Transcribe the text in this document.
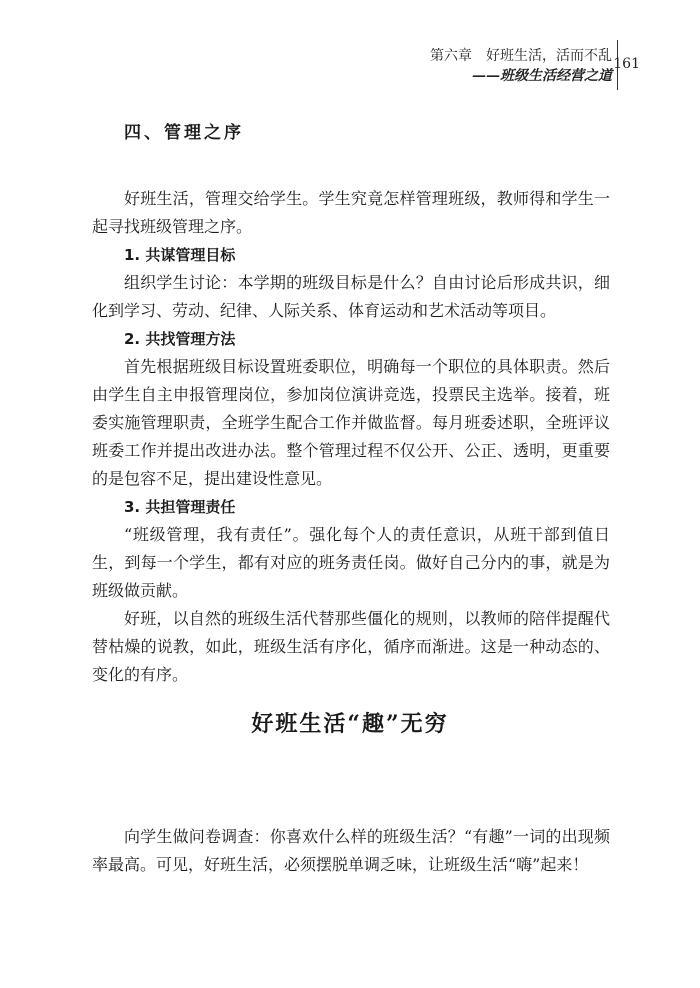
第六章　好班生活，活而不乱
——班级生活经营之道
161
四、管理之序

好班生活，管理交给学生。学生究竟怎样管理班级，教师得和学生一起寻找班级管理之序。

1. 共谋管理目标

组织学生讨论：本学期的班级目标是什么？自由讨论后形成共识，细化到学习、劳动、纪律、人际关系、体育运动和艺术活动等项目。

2. 共找管理方法

首先根据班级目标设置班委职位，明确每一个职位的具体职责。然后由学生自主申报管理岗位，参加岗位演讲竞选，投票民主选举。接着，班委实施管理职责，全班学生配合工作并做监督。每月班委述职，全班评议班委工作并提出改进办法。整个管理过程不仅公开、公正、透明，更重要的是包容不足，提出建设性意见。

3. 共担管理责任

“班级管理，我有责任”。强化每个人的责任意识，从班干部到值日生，到每一个学生，都有对应的班务责任岗。做好自己分内的事，就是为班级做贡献。

好班，以自然的班级生活代替那些僵化的规则，以教师的陪伴提醒代替枯燥的说教，如此，班级生活有序化，循序而渐进。这是一种动态的、变化的有序。

好班生活“趣”无穷

向学生做问卷调查：你喜欢什么样的班级生活？“有趣”一词的出现频率最高。可见，好班生活，必须摆脱单调乏味，让班级生活“嗨”起来！
